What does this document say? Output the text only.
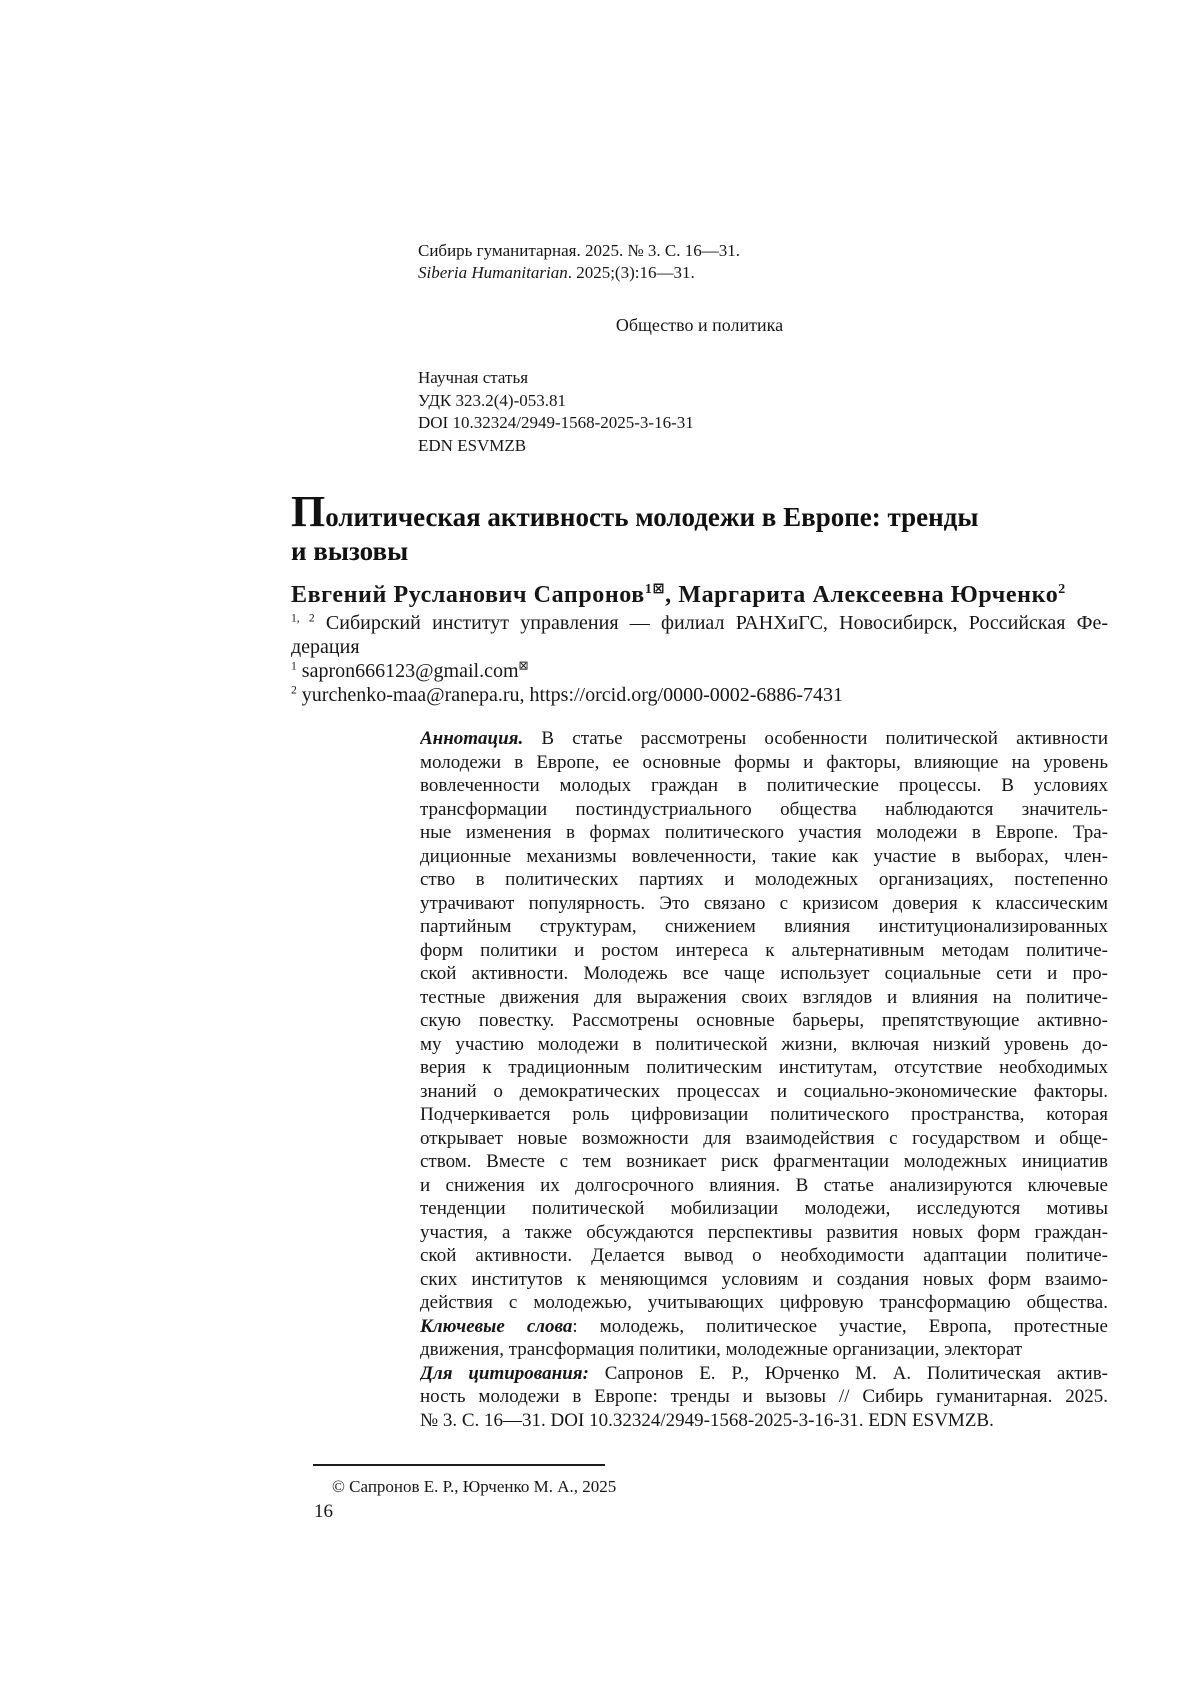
Сибирь гуманитарная. 2025. № 3. С. 16—31.
Siberia Humanitarian. 2025;(3):16—31.
Общество и политика
Научная статья
УДК 323.2(4)-053.81
DOI 10.32324/2949-1568-2025-3-16-31
EDN ESVMZB
Политическая активность молодежи в Европе: тренды
и вызовы
Евгений Русланович Сапронов$^{1⊠}$, Маргарита Алексеевна Юрченко$^2$
$^{1, 2}$ Сибирский институт управления — филиал РАНХиГС, Новосибирск, Российская Фе-
дерация
$^1$ sapron666123@gmail.com⊠
$^2$ yurchenko-maa@ranepa.ru, https://orcid.org/0000-0002-6886-7431
Аннотация. В статье рассмотрены особенности политической активности
молодежи в Европе, ее основные формы и факторы, влияющие на уровень
вовлеченности молодых граждан в политические процессы. В условиях
трансформации постиндустриального общества наблюдаются значитель-
ные изменения в формах политического участия молодежи в Европе. Тра-
диционные механизмы вовлеченности, такие как участие в выборах, член-
ство в политических партиях и молодежных организациях, постепенно
утрачивают популярность. Это связано с кризисом доверия к классическим
партийным структурам, снижением влияния институционализированных
форм политики и ростом интереса к альтернативным методам политиче-
ской активности. Молодежь все чаще использует социальные сети и про-
тестные движения для выражения своих взглядов и влияния на политиче-
скую повестку. Рассмотрены основные барьеры, препятствующие активно-
му участию молодежи в политической жизни, включая низкий уровень до-
верия к традиционным политическим институтам, отсутствие необходимых
знаний о демократических процессах и социально-экономические факторы.
Подчеркивается роль цифровизации политического пространства, которая
открывает новые возможности для взаимодействия с государством и обще-
ством. Вместе с тем возникает риск фрагментации молодежных инициатив
и снижения их долгосрочного влияния. В статье анализируются ключевые
тенденции политической мобилизации молодежи, исследуются мотивы
участия, а также обсуждаются перспективы развития новых форм граждан-
ской активности. Делается вывод о необходимости адаптации политиче-
ских институтов к меняющимся условиям и создания новых форм взаимо-
действия с молодежью, учитывающих цифровую трансформацию общества.
Ключевые слова: молодежь, политическое участие, Европа, протестные
движения, трансформация политики, молодежные организации, электорат
Для цитирования: Сапронов Е. Р., Юрченко М. А. Политическая актив-
ность молодежи в Европе: тренды и вызовы // Сибирь гуманитарная. 2025.
№ 3. С. 16—31. DOI 10.32324/2949-1568-2025-3-16-31. EDN ESVMZB.
© Сапронов Е. Р., Юрченко М. А., 2025
16
